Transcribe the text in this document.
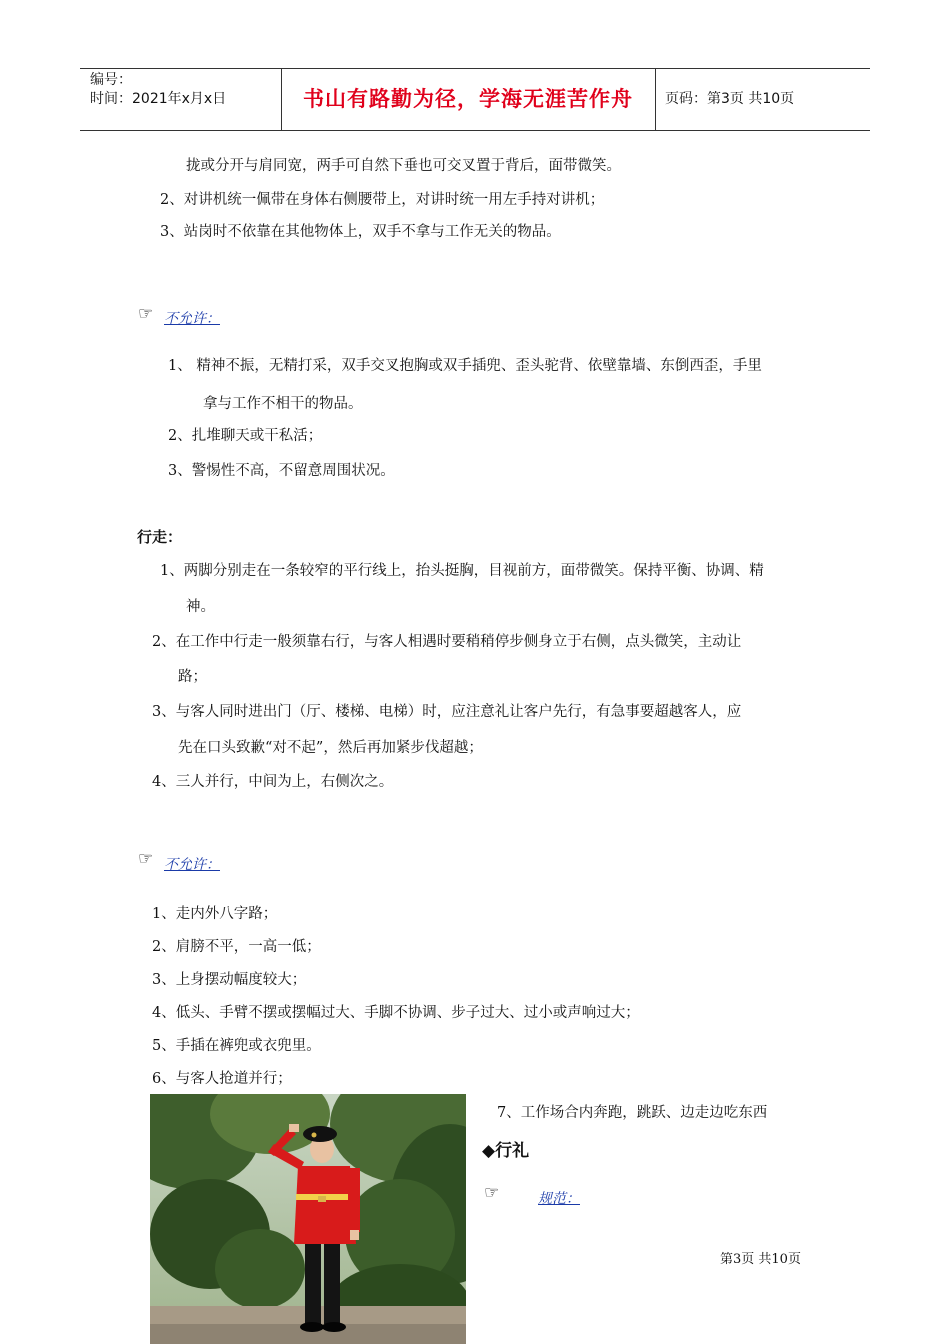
编号：
时间：2021年x月x日	书山有路勤为径，学海无涯苦作舟	页码：第3页 共10页
拢或分开与肩同宽，两手可自然下垂也可交叉置于背后，面带微笑。
2、对讲机统一佩带在身体右侧腰带上，对讲时统一用左手持对讲机；
3、站岗时不依靠在其他物体上，双手不拿与工作无关的物品。
☞ 不允许：
1、 精神不振，无精打采，双手交叉抱胸或双手插兜、歪头驼背、依壁靠墙、东倒西歪，手里
拿与工作不相干的物品。
2、扎堆聊天或干私活；
3、警惕性不高，不留意周围状况。
行走：
1、两脚分别走在一条较窄的平行线上，抬头挺胸，目视前方，面带微笑。保持平衡、协调、精
神。
2、在工作中行走一般须靠右行，与客人相遇时要稍稍停步侧身立于右侧，点头微笑，主动让
路；
3、与客人同时进出门（厅、楼梯、电梯）时，应注意礼让客户先行，有急事要超越客人，应
先在口头致歉“对不起”，然后再加紧步伐超越；
4、三人并行，中间为上，右侧次之。
☞ 不允许：
1、走内外八字路；
2、肩膀不平，一高一低；
3、上身摆动幅度较大；
4、低头、手臂不摆或摆幅过大、手脚不协调、步子过大、过小或声响过大；
5、手插在裤兜或衣兜里。
6、与客人抢道并行；
7、工作场合内奔跑，跳跃、边走边吃东西
◆行礼
☞	规范：
第3页 共10页
